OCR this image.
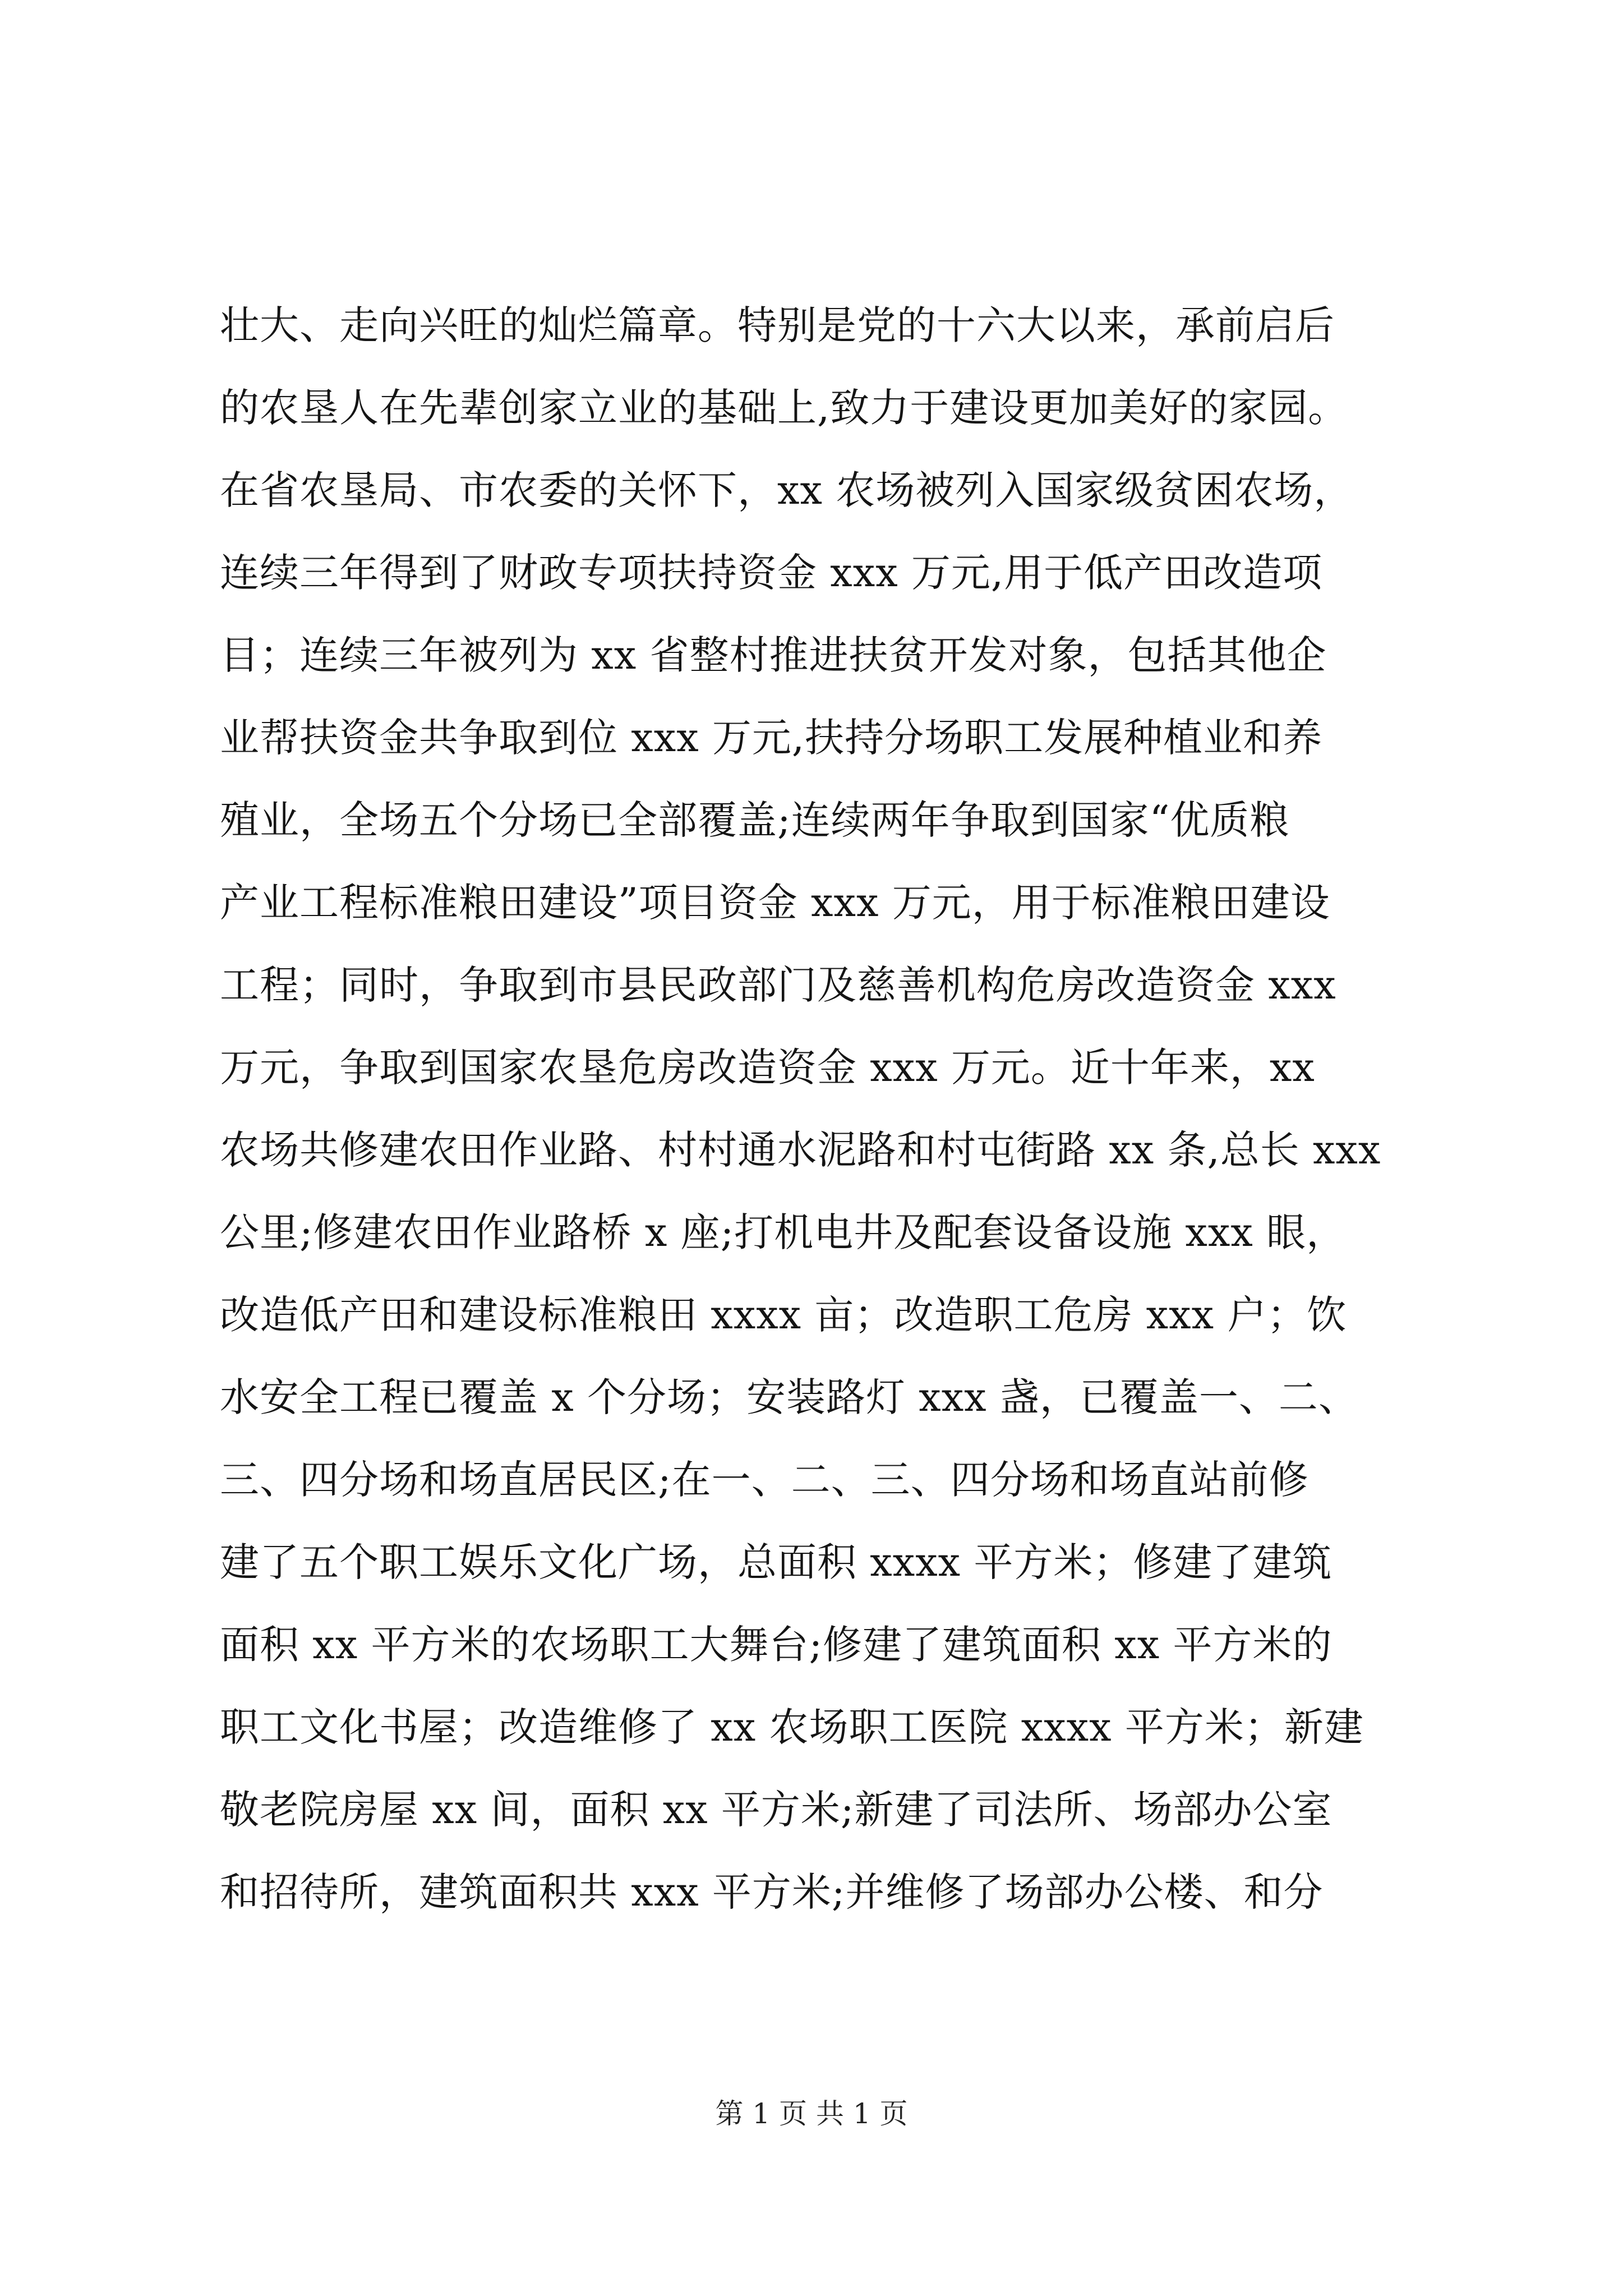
壮大、走向兴旺的灿烂篇章。特别是党的十六大以来，承前启后
的农垦人在先辈创家立业的基础上,致力于建设更加美好的家园。
在省农垦局、市农委的关怀下，xx 农场被列入国家级贫困农场，
连续三年得到了财政专项扶持资金 xxx 万元,用于低产田改造项
目；连续三年被列为 xx 省整村推进扶贫开发对象，包括其他企
业帮扶资金共争取到位 xxx 万元,扶持分场职工发展种植业和养
殖业，全场五个分场已全部覆盖;连续两年争取到国家“优质粮
产业工程标准粮田建设”项目资金 xxx 万元，用于标准粮田建设
工程；同时，争取到市县民政部门及慈善机构危房改造资金 xxx
万元，争取到国家农垦危房改造资金 xxx 万元。近十年来，xx
农场共修建农田作业路、村村通水泥路和村屯街路 xx 条,总长 xxx
公里;修建农田作业路桥 x 座;打机电井及配套设备设施 xxx 眼，
改造低产田和建设标准粮田 xxxx 亩；改造职工危房 xxx 户；饮
水安全工程已覆盖 x 个分场；安装路灯 xxx 盏，已覆盖一、二、
三、四分场和场直居民区;在一、二、三、四分场和场直站前修
建了五个职工娱乐文化广场，总面积 xxxx 平方米；修建了建筑
面积 xx 平方米的农场职工大舞台;修建了建筑面积 xx 平方米的
职工文化书屋；改造维修了 xx 农场职工医院 xxxx 平方米；新建
敬老院房屋 xx 间，面积 xx 平方米;新建了司法所、场部办公室
和招待所，建筑面积共 xxx 平方米;并维修了场部办公楼、和分
第 1 页 共 1 页
